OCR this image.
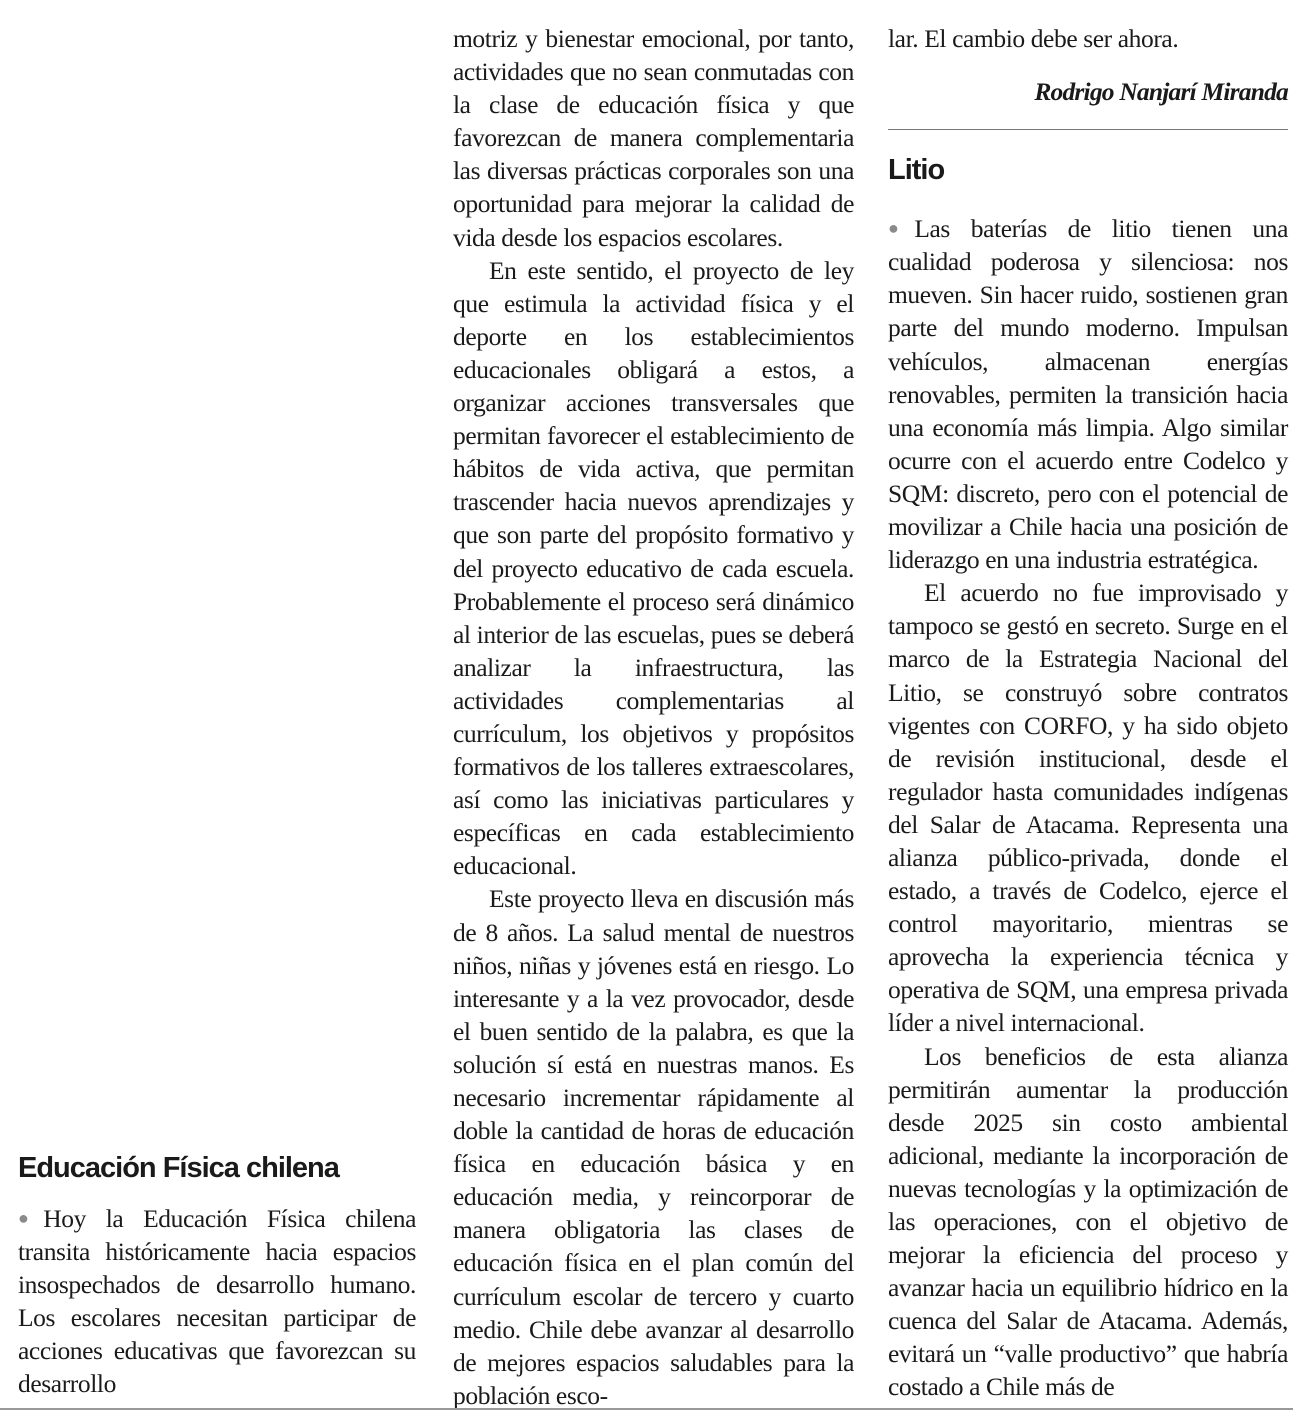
Educación Física chilena

●Hoy la Educación Física chilena transita históricamente hacia espacios insospechados de desarrollo humano. Los escolares necesitan participar de acciones educativas que favorezcan su desarrollo

motriz y bienestar emocional, por tanto, actividades que no sean conmutadas con la clase de educación física y que favorezcan de manera complementaria las diversas prácticas corporales son una oportunidad para mejorar la calidad de vida desde los espacios escolares.

En este sentido, el proyecto de ley que estimula la actividad física y el deporte en los establecimientos educacionales obligará a estos, a organizar acciones transversales que permitan favorecer el establecimiento de hábitos de vida activa, que permitan trascender hacia nuevos aprendizajes y que son parte del propósito formativo y del proyecto educativo de cada escuela. Probablemente el proceso será dinámico al interior de las escuelas, pues se deberá analizar la infraestructura, las actividades complementarias al currículum, los objetivos y propósitos formativos de los talleres extraescolares, así como las iniciativas particulares y específicas en cada establecimiento educacional.

Este proyecto lleva en discusión más de 8 años. La salud mental de nuestros niños, niñas y jóvenes está en riesgo. Lo interesante y a la vez provocador, desde el buen sentido de la palabra, es que la solución sí está en nuestras manos. Es necesario incrementar rápidamente al doble la cantidad de horas de educación física en educación básica y en educación media, y reincorporar de manera obligatoria las clases de educación física en el plan común del currículum escolar de tercero y cuarto medio. Chile debe avanzar al desarrollo de mejores espacios saludables para la población esco-

lar. El cambio debe ser ahora.

Rodrigo Nanjarí Miranda

Litio

●Las baterías de litio tienen una cualidad poderosa y silenciosa: nos mueven. Sin hacer ruido, sostienen gran parte del mundo moderno. Impulsan vehículos, almacenan energías renovables, permiten la transición hacia una economía más limpia. Algo similar ocurre con el acuerdo entre Codelco y SQM: discreto, pero con el potencial de movilizar a Chile hacia una posición de liderazgo en una industria estratégica.

El acuerdo no fue improvisado y tampoco se gestó en secreto. Surge en el marco de la Estrategia Nacional del Litio, se construyó sobre contratos vigentes con CORFO, y ha sido objeto de revisión institucional, desde el regulador hasta comunidades indígenas del Salar de Atacama. Representa una alianza público-privada, donde el estado, a través de Codelco, ejerce el control mayoritario, mientras se aprovecha la experiencia técnica y operativa de SQM, una empresa privada líder a nivel internacional.

Los beneficios de esta alianza permitirán aumentar la producción desde 2025 sin costo ambiental adicional, mediante la incorporación de nuevas tecnologías y la optimización de las operaciones, con el objetivo de mejorar la eficiencia del proceso y avanzar hacia un equilibrio hídrico en la cuenca del Salar de Atacama. Además, evitará un “valle productivo” que habría costado a Chile más de
